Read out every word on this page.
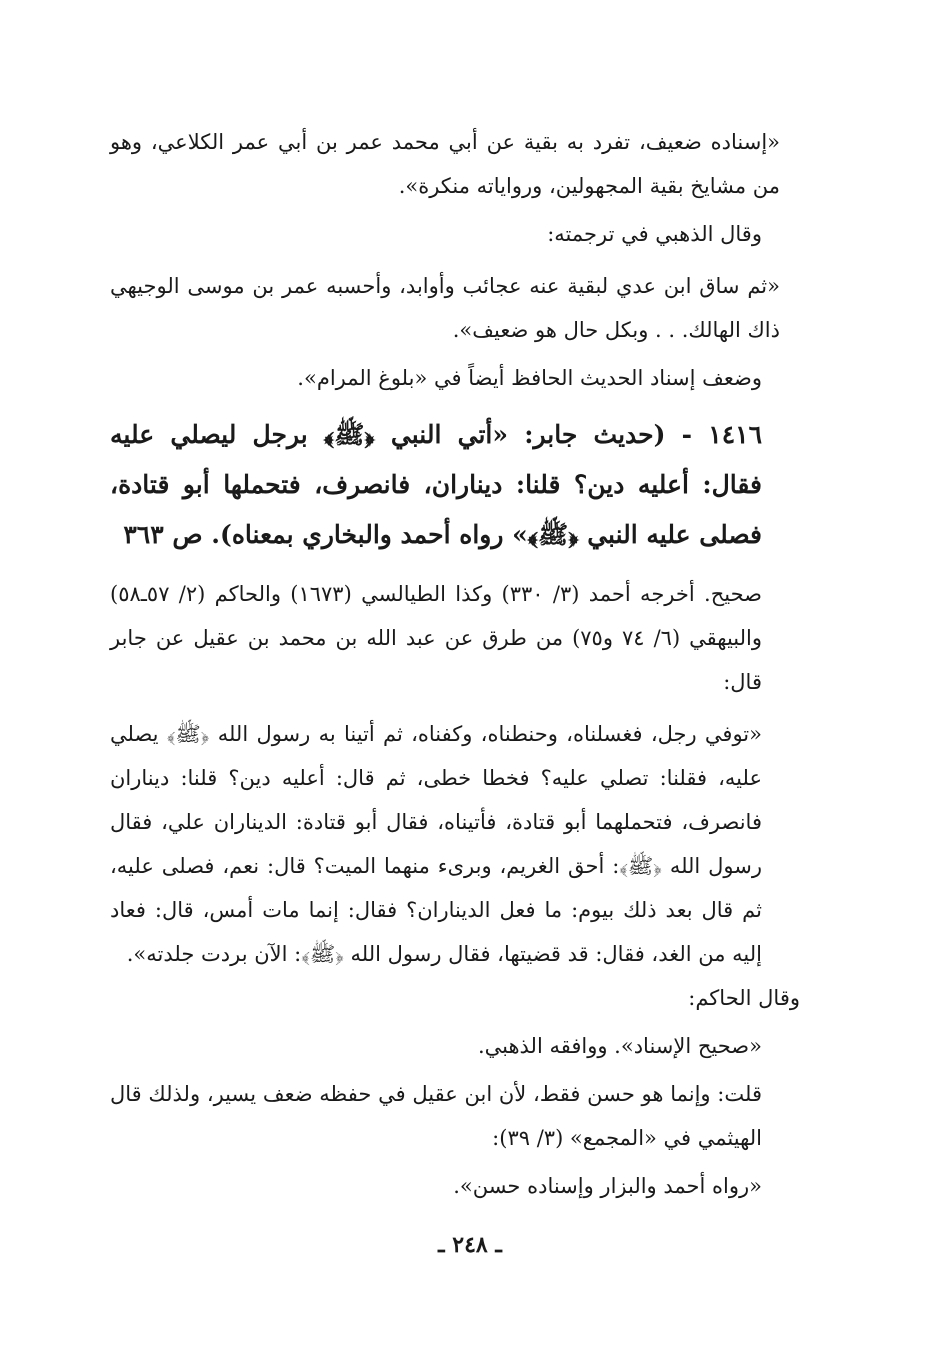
«إسناده ضعيف، تفرد به بقية عن أبي محمد عمر بن أبي عمر الكلاعي، وهو من مشايخ بقية المجهولين، ورواياته منكرة».

وقال الذهبي في ترجمته:

«ثم ساق ابن عدي لبقية عنه عجائب وأوابد، وأحسبه عمر بن موسى الوجيهي ذاك الهالك. . . وبكل حال هو ضعيف».

وضعف إسناد الحديث الحافظ أيضاً في «بلوغ المرام».

١٤١٦ - (حديث جابر: «أتي النبي ﴿ﷺ﴾ برجل ليصلي عليه فقال: أعليه دين؟ قلنا: ديناران، فانصرف، فتحملها أبو قتادة، فصلى عليه النبي ﴿ﷺ﴾» رواه أحمد والبخاري بمعناه). ص ٣٦٣

صحيح. أخرجه أحمد (٣/ ٣٣٠) وكذا الطيالسي (١٦٧٣) والحاكم (٢/ ٥٧ـ٥٨) والبيهقي (٦/ ٧٤ و٧٥) من طرق عن عبد الله بن محمد بن عقيل عن جابر قال:

«توفي رجل، فغسلناه، وحنطناه، وكفناه، ثم أتينا به رسول الله ﴿ﷺ﴾ يصلي عليه، فقلنا: تصلي عليه؟ فخطا خطى، ثم قال: أعليه دين؟ قلنا: ديناران فانصرف، فتحملهما أبو قتادة، فأتيناه، فقال أبو قتادة: الديناران علي، فقال رسول الله ﴿ﷺ﴾: أحق الغريم، وبرىء منهما الميت؟ قال: نعم، فصلى عليه، ثم قال بعد ذلك بيوم: ما فعل الديناران؟ فقال: إنما مات أمس، قال: فعاد إليه من الغد، فقال: قد قضيتها، فقال رسول الله ﴿ﷺ﴾: الآن بردت جلدته».

وقال الحاكم:

«صحيح الإسناد». ووافقه الذهبي.

قلت: وإنما هو حسن فقط، لأن ابن عقيل في حفظه ضعف يسير، ولذلك قال الهيثمي في «المجمع» (٣/ ٣٩):

«رواه أحمد والبزار وإسناده حسن».

ـ ٢٤٨ ـ
